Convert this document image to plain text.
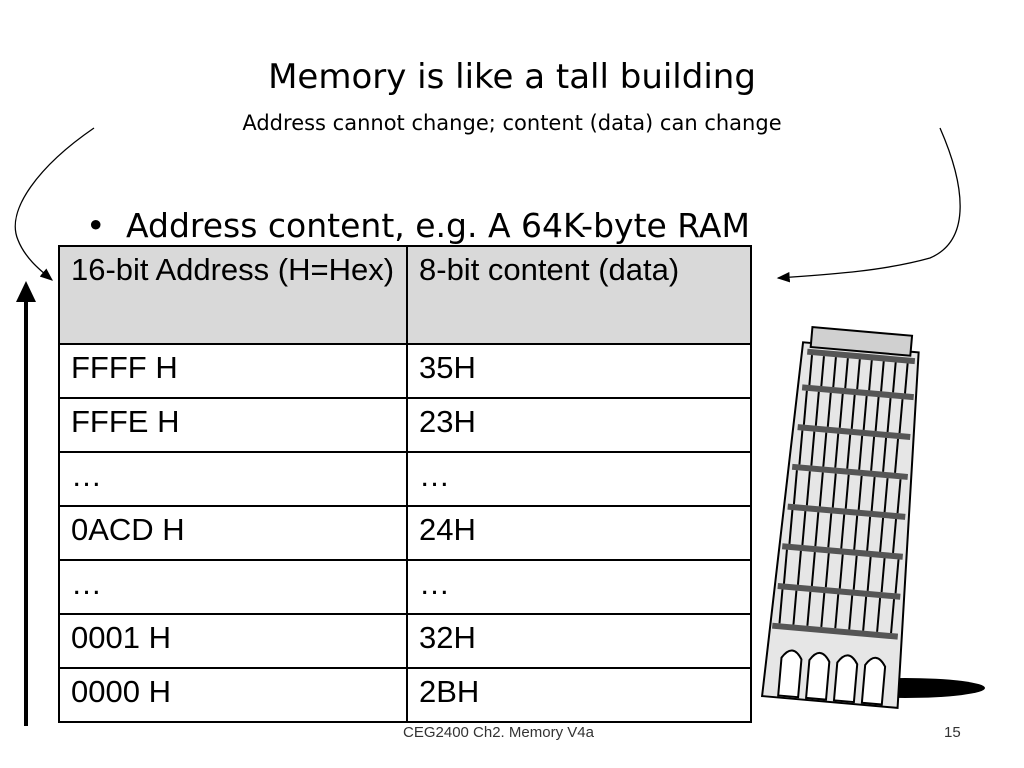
Memory is like a tall building
Address cannot change; content (data) can change
• Address content, e.g. A 64K-byte RAM
16-bit Address (H=Hex)	8-bit content (data)
FFFF H	35H
FFFE H	23H
…	…
0ACD H	24H
…	…
0001 H	32H
0000 H	2BH
CEG2400 Ch2. Memory V4a	15
